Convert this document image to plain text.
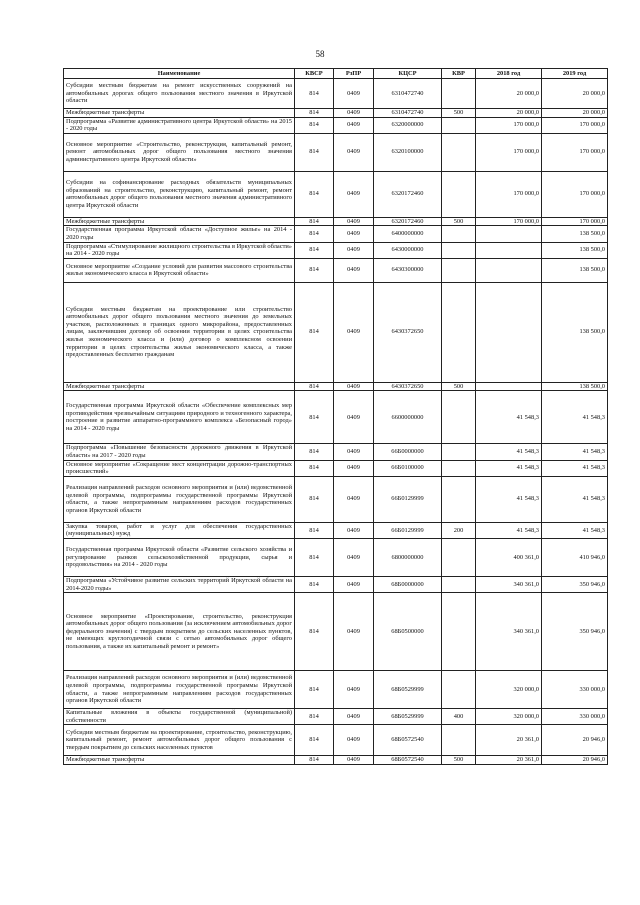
58
Наименование	КВСР	РзПР	КЦСР	КВР	2018 год	2019 год
Субсидии местным бюджетам на ремонт искусственных сооружений на автомобильных дорогах общего пользования местного значения в Иркутской области	814	0409	6310472740		20 000,0	20 000,0
Межбюджетные трансферты	814	0409	6310472740	500	20 000,0	20 000,0
Подпрограмма «Развитие административного центра Иркутской области» на 2015 - 2020 годы	814	0409	6320000000		170 000,0	170 000,0
Основное мероприятие «Строительство, реконструкция, капитальный ремонт, ремонт автомобильных дорог общего пользования местного значения административного центра Иркутской области»	814	0409	6320100000		170 000,0	170 000,0
Субсидии на софинансирование расходных обязательств муниципальных образований на строительство, реконструкцию, капитальный ремонт, ремонт автомобильных дорог общего пользования местного значения административного центра Иркутской области	814	0409	6320172460		170 000,0	170 000,0
Межбюджетные трансферты	814	0409	6320172460	500	170 000,0	170 000,0
Государственная программа Иркутской области «Доступное жилье» на 2014 - 2020 годы	814	0409	6400000000			138 500,0
Подпрограмма «Стимулирование жилищного строительства в Иркутской области» на 2014 - 2020 годы	814	0409	6430000000			138 500,0
Основное мероприятие «Создание условий для развития массового строительства жилья экономического класса в Иркутской области»	814	0409	6430300000			138 500,0
Субсидии местным бюджетам на проектирование или строительство автомобильных дорог общего пользования местного значения до земельных участков, расположенных в границах одного микрорайона, предоставленных лицам, заключившим договор об освоении территории в целях строительства жилья экономического класса и (или) договор о комплексном освоении территории в целях строительства жилья экономического класса, а также предоставленных бесплатно гражданам	814	0409	6430372650			138 500,0
Межбюджетные трансферты	814	0409	6430372650	500		138 500,0
Государственная программа Иркутской области «Обеспечение комплексных мер противодействия чрезвычайным ситуациям природного и техногенного характера, построение и развитие аппаратно-программного комплекса «Безопасный город» на 2014 - 2020 годы	814	0409	6600000000		41 548,3	41 548,3
Подпрограмма «Повышение безопасности дорожного движения в Иркутской области» на 2017 - 2020 годы	814	0409	66Б0000000		41 548,3	41 548,3
Основное мероприятие «Сокращение мест концентрации дорожно-транспортных происшествий»	814	0409	66Б0100000		41 548,3	41 548,3
Реализация направлений расходов основного мероприятия и (или) ведомственной целевой программы, подпрограммы государственной программы Иркутской области, а также непрограммным направлениям расходов государственных органов Иркутской области	814	0409	66Б0129999		41 548,3	41 548,3
Закупка товаров, работ и услуг для обеспечения государственных (муниципальных) нужд	814	0409	66Б0129999	200	41 548,3	41 548,3
Государственная программа Иркутской области «Развитие сельского хозяйства и регулирование рынков сельскохозяйственной продукции, сырья и продовольствия» на 2014 - 2020 годы	814	0409	6800000000		400 361,0	410 946,0
Подпрограмма «Устойчивое развитие сельских территорий Иркутской области на 2014-2020 годы»	814	0409	68Б0000000		340 361,0	350 946,0
Основное мероприятие «Проектирование, строительство, реконструкция автомобильных дорог общего пользования (за исключением автомобильных дорог федерального значения) с твердым покрытием до сельских населенных пунктов, не имеющих круглогодичной связи с сетью автомобильных дорог общего пользования, а также их капитальный ремонт и ремонт»	814	0409	68Б0500000		340 361,0	350 946,0
Реализация направлений расходов основного мероприятия и (или) ведомственной целевой программы, подпрограммы государственной программы Иркутской области, а также непрограммным направлениям расходов государственных органов Иркутской области	814	0409	68Б0529999		320 000,0	330 000,0
Капитальные вложения в объекты государственной (муниципальной) собственности	814	0409	68Б0529999	400	320 000,0	330 000,0
Субсидии местным бюджетам на проектирование, строительство, реконструкцию, капитальный ремонт, ремонт автомобильных дорог общего пользования с твердым покрытием до сельских населенных пунктов	814	0409	68Б0572540		20 361,0	20 946,0
Межбюджетные трансферты	814	0409	68Б0572540	500	20 361,0	20 946,0
